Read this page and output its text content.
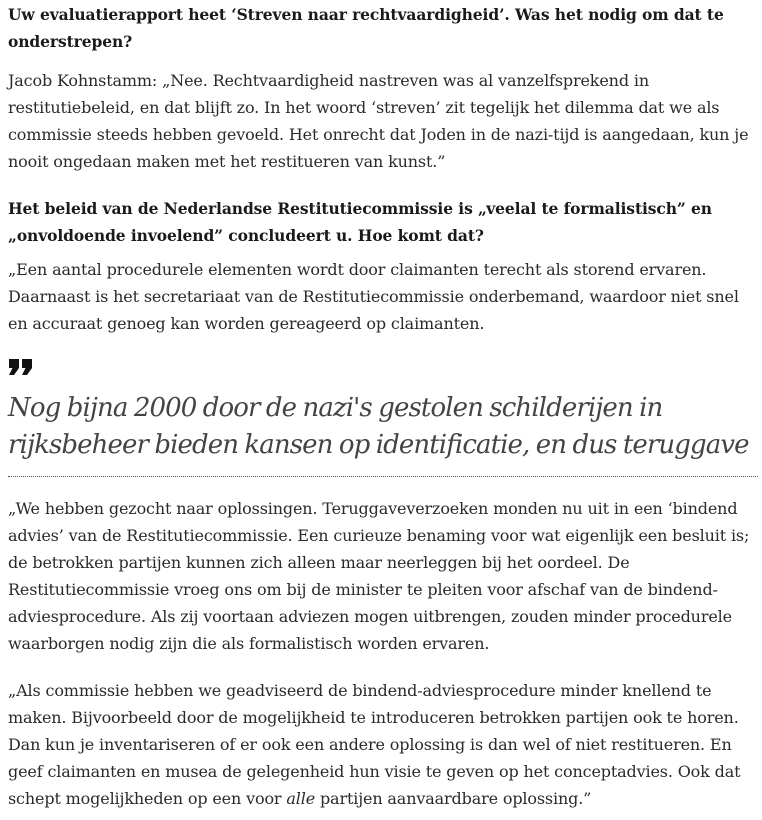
Uw evaluatierapport heet ‘Streven naar rechtvaardigheid’. Was het nodig om dat te onderstrepen?

Jacob Kohnstamm: „Nee. Rechtvaardigheid nastreven was al vanzelfsprekend in restitutiebeleid, en dat blijft zo. In het woord ‘streven’ zit tegelijk het dilemma dat we als commissie steeds hebben gevoeld. Het onrecht dat Joden in de nazi-tijd is aangedaan, kun je nooit ongedaan maken met het restitueren van kunst.”

Het beleid van de Nederlandse Restitutiecommissie is „veelal te formalistisch” en „onvoldoende invoelend” concludeert u. Hoe komt dat?

„Een aantal procedurele elementen wordt door claimanten terecht als storend ervaren. Daarnaast is het secretariaat van de Restitutiecommissie onderbemand, waardoor niet snel en accuraat genoeg kan worden gereageerd op claimanten.

Nog bijna 2000 door de nazi's gestolen schilderijen in rijksbeheer bieden kansen op identificatie, en dus teruggave

„We hebben gezocht naar oplossingen. Teruggaveverzoeken monden nu uit in een ‘bindend advies’ van de Restitutiecommissie. Een curieuze benaming voor wat eigenlijk een besluit is; de betrokken partijen kunnen zich alleen maar neerleggen bij het oordeel. De Restitutiecommissie vroeg ons om bij de minister te pleiten voor afschaf van de bindend-adviesprocedure. Als zij voortaan adviezen mogen uitbrengen, zouden minder procedurele waarborgen nodig zijn die als formalistisch worden ervaren.

„Als commissie hebben we geadviseerd de bindend-adviesprocedure minder knellend te maken. Bijvoorbeeld door de mogelijkheid te introduceren betrokken partijen ook te horen. Dan kun je inventariseren of er ook een andere oplossing is dan wel of niet restitueren. En geef claimanten en musea de gelegenheid hun visie te geven op het conceptadvies. Ook dat schept mogelijkheden op een voor alle partijen aanvaardbare oplossing.”
